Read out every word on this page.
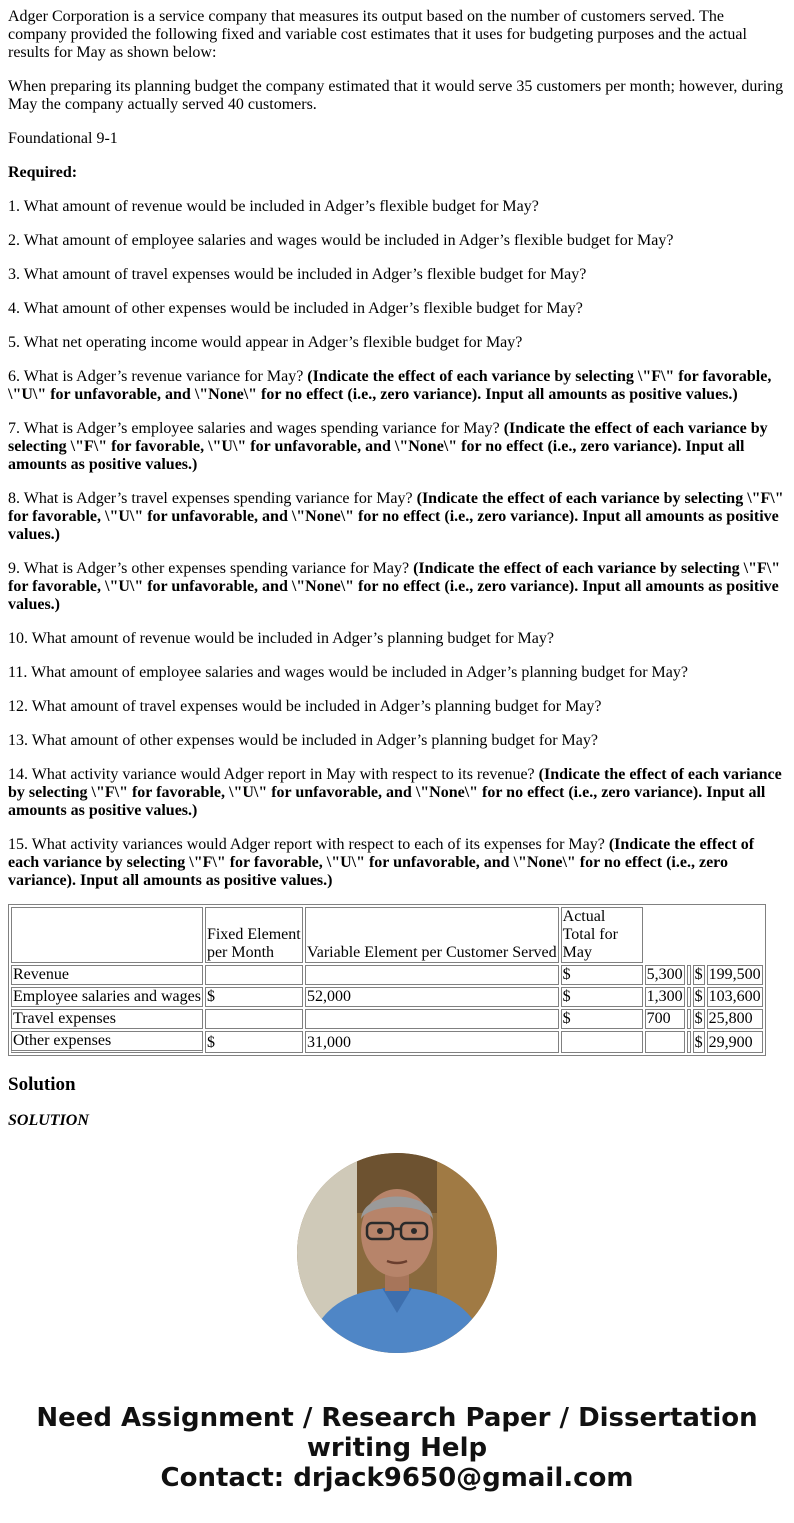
Adger Corporation is a service company that measures its output based on the number of customers served. The company provided the following fixed and variable cost estimates that it uses for budgeting purposes and the actual results for May as shown below:

When preparing its planning budget the company estimated that it would serve 35 customers per month; however, during May the company actually served 40 customers.

Foundational 9-1

Required:

1. What amount of revenue would be included in Adger’s flexible budget for May?

2. What amount of employee salaries and wages would be included in Adger’s flexible budget for May?

3. What amount of travel expenses would be included in Adger’s flexible budget for May?

4. What amount of other expenses would be included in Adger’s flexible budget for May?

5. What net operating income would appear in Adger’s flexible budget for May?

6. What is Adger’s revenue variance for May? (Indicate the effect of each variance by selecting \"F\" for favorable, \"U\" for unfavorable, and \"None\" for no effect (i.e., zero variance). Input all amounts as positive values.)

7. What is Adger’s employee salaries and wages spending variance for May? (Indicate the effect of each variance by selecting \"F\" for favorable, \"U\" for unfavorable, and \"None\" for no effect (i.e., zero variance). Input all amounts as positive values.)

8. What is Adger’s travel expenses spending variance for May? (Indicate the effect of each variance by selecting \"F\" for favorable, \"U\" for unfavorable, and \"None\" for no effect (i.e., zero variance). Input all amounts as positive values.)

9. What is Adger’s other expenses spending variance for May? (Indicate the effect of each variance by selecting \"F\" for favorable, \"U\" for unfavorable, and \"None\" for no effect (i.e., zero variance). Input all amounts as positive values.)

10. What amount of revenue would be included in Adger’s planning budget for May?

11. What amount of employee salaries and wages would be included in Adger’s planning budget for May?

12. What amount of travel expenses would be included in Adger’s planning budget for May?

13. What amount of other expenses would be included in Adger’s planning budget for May?

14. What activity variance would Adger report in May with respect to its revenue? (Indicate the effect of each variance by selecting \"F\" for favorable, \"U\" for unfavorable, and \"None\" for no effect (i.e., zero variance). Input all amounts as positive values.)

15. What activity variances would Adger report with respect to each of its expenses for May? (Indicate the effect of each variance by selecting \"F\" for favorable, \"U\" for unfavorable, and \"None\" for no effect (i.e., zero variance). Input all amounts as positive values.)

	Fixed Element per Month	Variable Element per Customer Served	Actual Total for May				
Revenue			$	5,300		$	199,500
Employee salaries and wages	$	52,000	$	1,300		$	103,600
Travel expenses			$	700		$	25,800
Other expenses	$	31,000				$	29,900
Solution
SOLUTION
Need Assignment / Research Paper / Dissertation
writing Help
Contact: drjack9650@gmail.com
